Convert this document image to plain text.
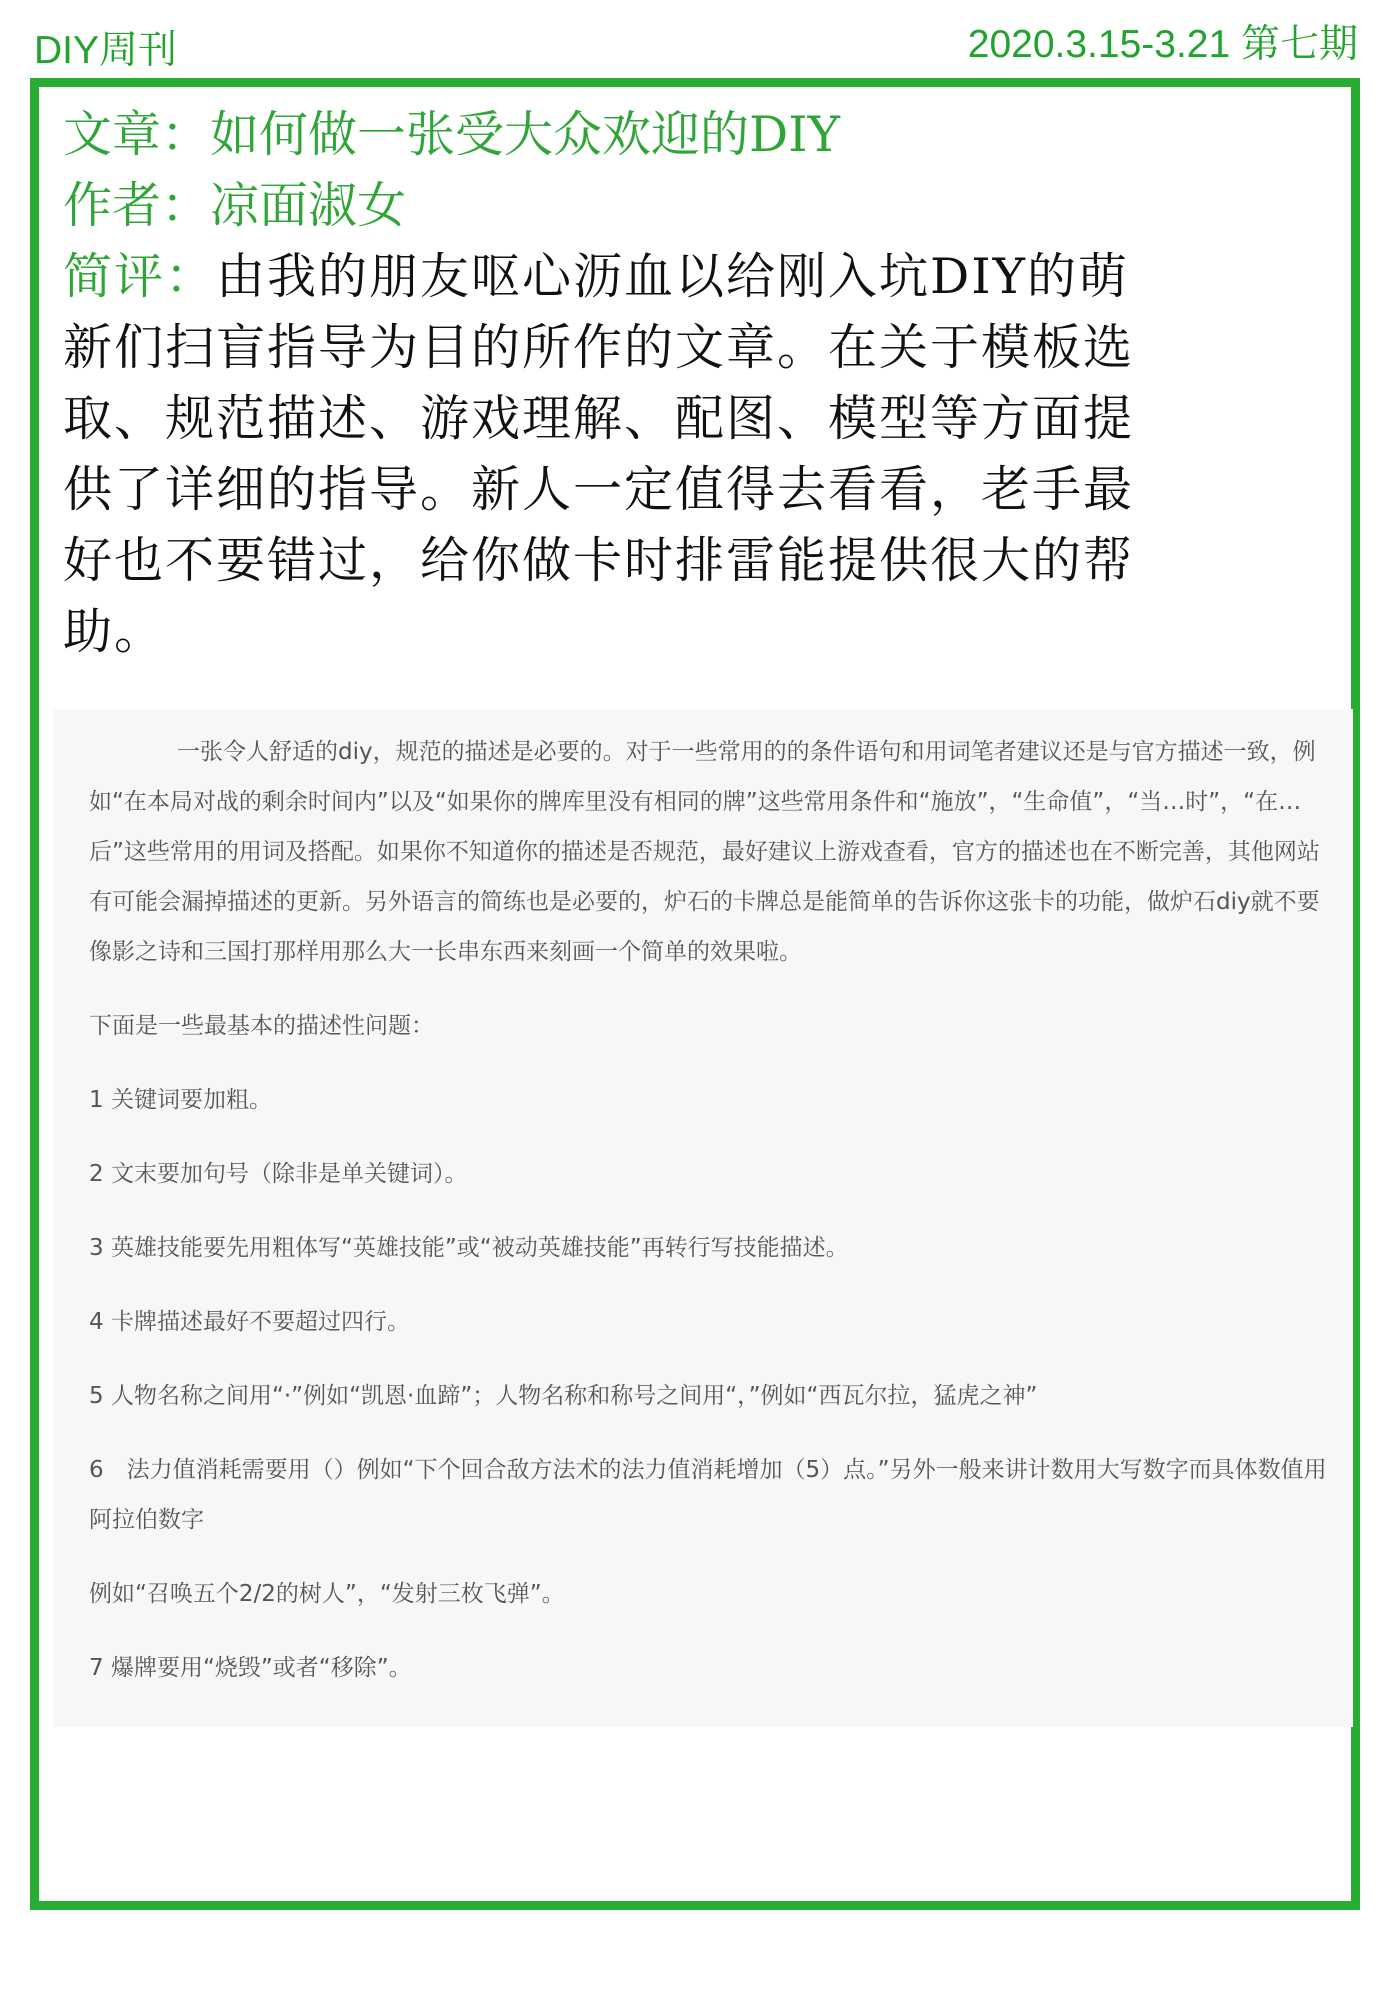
DIY周刊	2020.3.15-3.21 第七期

文章：如何做一张受大众欢迎的DIY

作者：凉面淑女

简评：由我的朋友呕心沥血以给刚入坑DIY的萌

新们扫盲指导为目的所作的文章。在关于模板选

取、规范描述、游戏理解、配图、模型等方面提

供了详细的指导。新人一定值得去看看，老手最

好也不要错过，给你做卡时排雷能提供很大的帮

助。

一张令人舒适的diy，规范的描述是必要的。对于一些常用的的条件语句和用词笔者建议还是与官方描述一致，例如“在本局对战的剩余时间内”以及“如果你的牌库里没有相同的牌”这些常用条件和“施放”，“生命值”，“当…时”，“在…后”这些常用的用词及搭配。如果你不知道你的描述是否规范，最好建议上游戏查看，官方的描述也在不断完善，其他网站有可能会漏掉描述的更新。另外语言的简练也是必要的，炉石的卡牌总是能简单的告诉你这张卡的功能，做炉石diy就不要像影之诗和三国打那样用那么大一长串东西来刻画一个简单的效果啦。

下面是一些最基本的描述性问题：

1 关键词要加粗。

2 文末要加句号（除非是单关键词）。

3 英雄技能要先用粗体写“英雄技能”或“被动英雄技能”再转行写技能描述。

4 卡牌描述最好不要超过四行。

5 人物名称之间用“·”例如“凯恩·血蹄”；人物名称和称号之间用“，”例如“西瓦尔拉，猛虎之神”

6　法力值消耗需要用（）例如“下个回合敌方法术的法力值消耗增加（5）点。”另外一般来讲计数用大写数字而具体数值用阿拉伯数字

例如“召唤五个2/2的树人”，“发射三枚飞弹”。

7 爆牌要用“烧毁”或者“移除”。
